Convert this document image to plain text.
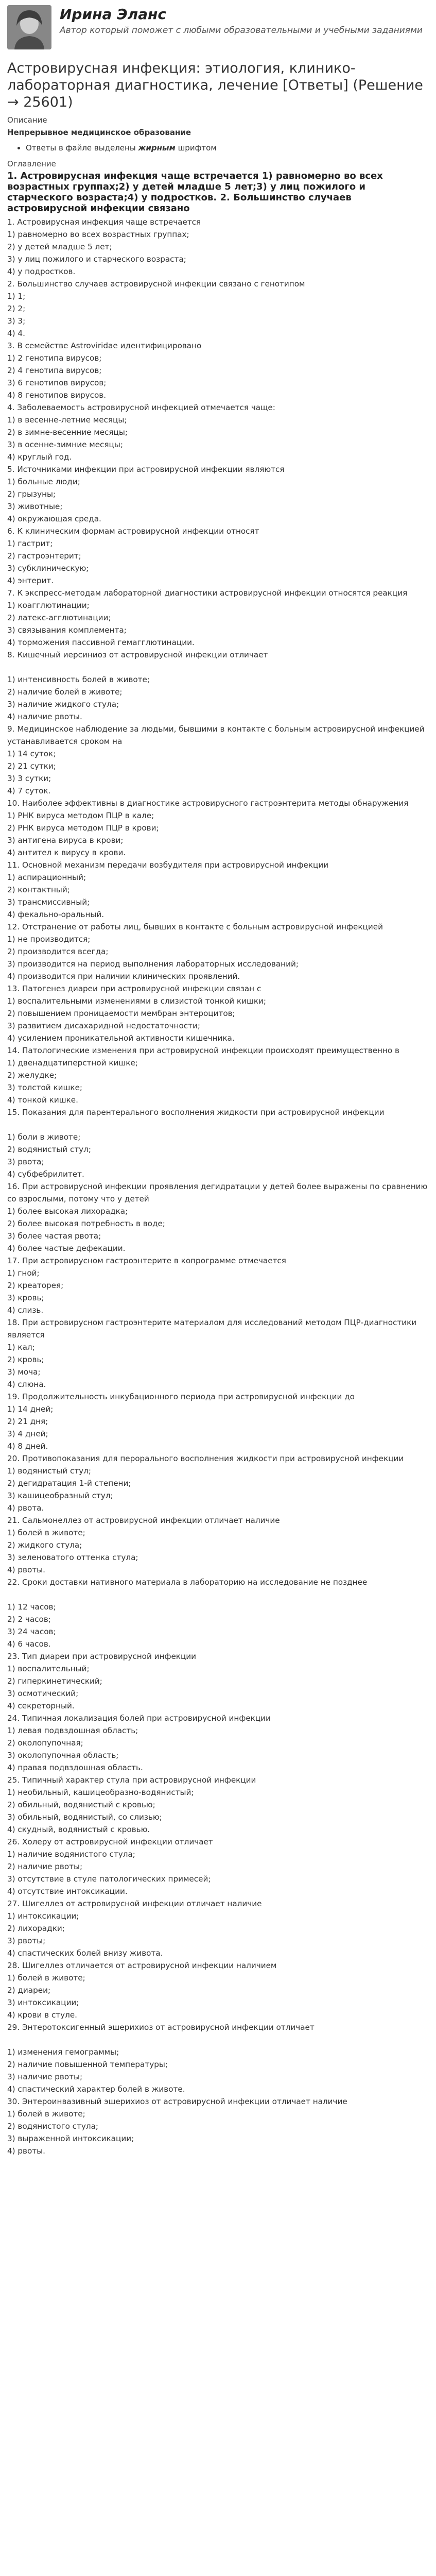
Ирина Эланс
Автор который поможет с любыми образовательными и учебными заданиями
Астровирусная инфекция: этиология, клинико-лабораторная диагностика, лечение [Ответы] (Решение → 25601)
Описание
Непрерывное медицинское образование
• Ответы в файле выделены жирным шрифтом
Оглавление
1. Астровирусная инфекция чаще встречается 1) равномерно во всех возрастных группах;2) у детей младше 5 лет;3) у лиц пожилого и старческого возраста;4) у подростков. 2. Большинство случаев астровирусной инфекции связано
1. Астровирусная инфекция чаще встречается
1) равномерно во всех возрастных группах;
2) у детей младше 5 лет;
3) у лиц пожилого и старческого возраста;
4) у подростков.
2. Большинство случаев астровирусной инфекции связано с генотипом
1) 1;
2) 2;
3) 3;
4) 4.
3. В семействе Astroviridae идентифицировано
1) 2 генотипа вирусов;
2) 4 генотипа вирусов;
3) 6 генотипов вирусов;
4) 8 генотипов вирусов.
4. Заболеваемость астровирусной инфекцией отмечается чаще:
1) в весенне-летние месяцы;
2) в зимне-весенние месяцы;
3) в осенне-зимние месяцы;
4) круглый год.
5. Источниками инфекции при астровирусной инфекции являются
1) больные люди;
2) грызуны;
3) животные;
4) окружающая среда.
6. К клиническим формам астровирусной инфекции относят
1) гастрит;
2) гастроэнтерит;
3) субклиническую;
4) энтерит.
7. К экспресс-методам лабораторной диагностики астровирусной инфекции относятся реакция
1) коагглютинации;
2) латекс-агглютинации;
3) связывания комплемента;
4) торможения пассивной гемагглютинации.
8. Кишечный иерсиниоз от астровирусной инфекции отличает
1) интенсивность болей в животе;
2) наличие болей в животе;
3) наличие жидкого стула;
4) наличие рвоты.
9. Медицинское наблюдение за людьми, бывшими в контакте с больным астровирусной инфекцией устанавливается сроком на
1) 14 суток;
2) 21 сутки;
3) 3 сутки;
4) 7 суток.
10. Наиболее эффективны в диагностике астровирусного гастроэнтерита методы обнаружения
1) РНК вируса методом ПЦР в кале;
2) РНК вируса методом ПЦР в крови;
3) антигена вируса в крови;
4) антител к вирусу в крови.
11. Основной механизм передачи возбудителя при астровирусной инфекции
1) аспирационный;
2) контактный;
3) трансмиссивный;
4) фекально-оральный.
12. Отстранение от работы лиц, бывших в контакте с больным астровирусной инфекцией
1) не производится;
2) производится всегда;
3) производится на период выполнения лабораторных исследований;
4) производится при наличии клинических проявлений.
13. Патогенез диареи при астровирусной инфекции связан с
1) воспалительными изменениями в слизистой тонкой кишки;
2) повышением проницаемости мембран энтероцитов;
3) развитием дисахаридной недостаточности;
4) усилением проникательной активности кишечника.
14. Патологические изменения при астровирусной инфекции происходят преимущественно в
1) двенадцатиперстной кишке;
2) желудке;
3) толстой кишке;
4) тонкой кишке.
15. Показания для парентерального восполнения жидкости при астровирусной инфекции
1) боли в животе;
2) водянистый стул;
3) рвота;
4) субфебрилитет.
16. При астровирусной инфекции проявления дегидратации у детей более выражены по сравнению со взрослыми, потому что у детей
1) более высокая лихорадка;
2) более высокая потребность в воде;
3) более частая рвота;
4) более частые дефекации.
17. При астровирусном гастроэнтерите в копрограмме отмечается
1) гной;
2) креаторея;
3) кровь;
4) слизь.
18. При астровирусном гастроэнтерите материалом для исследований методом ПЦР-диагностики является
1) кал;
2) кровь;
3) моча;
4) слюна.
19. Продолжительность инкубационного периода при астровирусной инфекции до
1) 14 дней;
2) 21 дня;
3) 4 дней;
4) 8 дней.
20. Противопоказания для перорального восполнения жидкости при астровирусной инфекции
1) водянистый стул;
2) дегидратация 1-й степени;
3) кашицеобразный стул;
4) рвота.
21. Сальмонеллез от астровирусной инфекции отличает наличие
1) болей в животе;
2) жидкого стула;
3) зеленоватого оттенка стула;
4) рвоты.
22. Сроки доставки нативного материала в лабораторию на исследование не позднее
1) 12 часов;
2) 2 часов;
3) 24 часов;
4) 6 часов.
23. Тип диареи при астровирусной инфекции
1) воспалительный;
2) гиперкинетический;
3) осмотический;
4) секреторный.
24. Типичная локализация болей при астровирусной инфекции
1) левая подвздошная область;
2) околопупочная;
3) околопупочная область;
4) правая подвздошная область.
25. Типичный характер стула при астровирусной инфекции
1) необильный, кашицеобразно-водянистый;
2) обильный, водянистый с кровью;
3) обильный, водянистый, со слизью;
4) скудный, водянистый с кровью.
26. Холеру от астровирусной инфекции отличает
1) наличие водянистого стула;
2) наличие рвоты;
3) отсутствие в стуле патологических примесей;
4) отсутствие интоксикации.
27. Шигеллез от астровирусной инфекции отличает наличие
1) интоксикации;
2) лихорадки;
3) рвоты;
4) спастических болей внизу живота.
28. Шигеллез отличается от астровирусной инфекции наличием
1) болей в животе;
2) диареи;
3) интоксикации;
4) крови в стуле.
29. Энтеротоксигенный эшерихиоз от астровирусной инфекции отличает
1) изменения гемограммы;
2) наличие повышенной температуры;
3) наличие рвоты;
4) спастический характер болей в животе.
30. Энтероинвазивный эшерихиоз от астровирусной инфекции отличает наличие
1) болей в животе;
2) водянистого стула;
3) выраженной интоксикации;
4) рвоты.
